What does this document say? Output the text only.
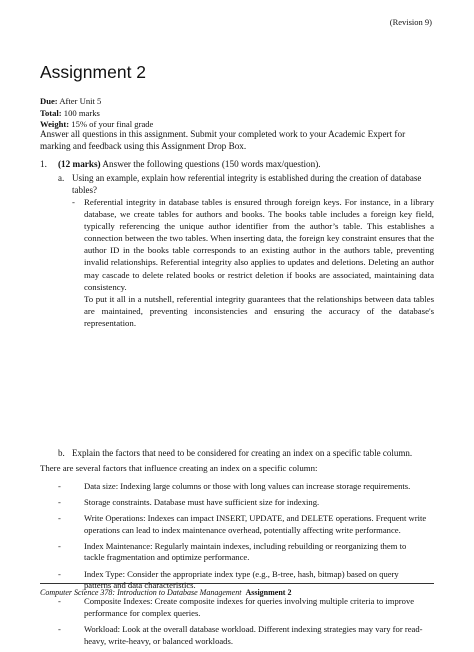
(Revision 9)
Assignment 2
Due: After Unit 5
Total: 100 marks
Weight: 15% of your final grade
Answer all questions in this assignment. Submit your completed work to your Academic Expert for marking and feedback using this Assignment Drop Box.
1. (12 marks) Answer the following questions (150 words max/question).
a. Using an example, explain how referential integrity is established during the creation of database tables?
- Referential integrity in database tables is ensured through foreign keys. For instance, in a library database, we create tables for authors and books. The books table includes a foreign key field, typically referencing the unique author identifier from the author’s table. This establishes a connection between the two tables. When inserting data, the foreign key constraint ensures that the author ID in the books table corresponds to an existing author in the authors table, preventing invalid relationships. Referential integrity also applies to updates and deletions. Deleting an author may cascade to delete related books or restrict deletion if books are associated, maintaining data consistency.
To put it all in a nutshell, referential integrity guarantees that the relationships between data tables are maintained, preventing inconsistencies and ensuring the accuracy of the database's representation.
b. Explain the factors that need to be considered for creating an index on a specific table column.
There are several factors that influence creating an index on a specific column:
-	Data size: Indexing large columns or those with long values can increase storage requirements.
-	Storage constraints. Database must have sufficient size for indexing.
-	Write Operations: Indexes can impact INSERT, UPDATE, and DELETE operations. Frequent write operations can lead to index maintenance overhead, potentially affecting write performance.
-	Index Maintenance: Regularly maintain indexes, including rebuilding or reorganizing them to tackle fragmentation and optimize performance.
-	Index Type: Consider the appropriate index type (e.g., B-tree, hash, bitmap) based on query patterns and data characteristics.
-	Composite Indexes: Create composite indexes for queries involving multiple criteria to improve performance for complex queries.
-	Workload: Look at the overall database workload. Different indexing strategies may vary for read-heavy, write-heavy, or balanced workloads.
Computer Science 378: Introduction to Database Management Assignment 2
